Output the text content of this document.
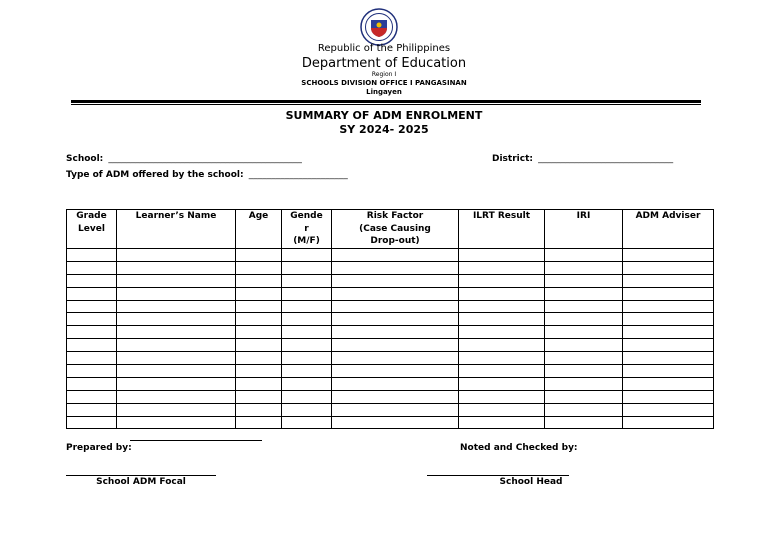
Republic of the Philippines
Department of Education
Region I
SCHOOLS DIVISION OFFICE I PANGASINAN
Lingayen
SUMMARY OF ADM ENROLMENT
SY 2024- 2025
School: ___________________________________________	District: ______________________________
Type of ADM offered by the school: ______________________
Grade
Level	Learner’s Name	Age	Gende
r
(M/F)	Risk Factor
(Case Causing
Drop-out)	ILRT Result	IRI	ADM Adviser

Prepared by:	Noted and Checked by:
School ADM Focal	School Head
